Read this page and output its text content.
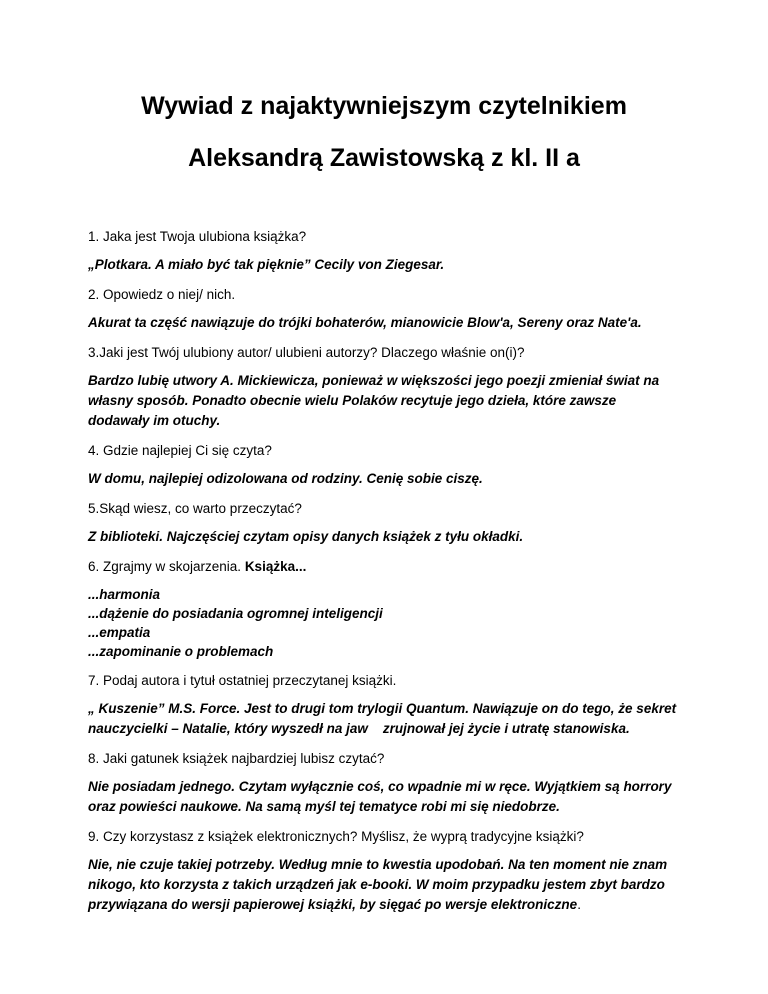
Wywiad z najaktywniejszym czytelnikiem
Aleksandrą Zawistowską z kl. II a

1. Jaka jest Twoja ulubiona książka?

„Plotkara. A miało być tak pięknie” Cecily von Ziegesar.

2. Opowiedz o niej/ nich.

Akurat ta część nawiązuje do trójki bohaterów, mianowicie Blow'a, Sereny oraz Nate'a.

3.Jaki jest Twój ulubiony autor/ ulubieni autorzy? Dlaczego właśnie on(i)?

Bardzo lubię utwory A. Mickiewicza, ponieważ w większości jego poezji zmieniał świat na własny sposób. Ponadto obecnie wielu Polaków recytuje jego dzieła, które zawsze dodawały im otuchy.

4. Gdzie najlepiej Ci się czyta?

W domu, najlepiej odizolowana od rodziny. Cenię sobie ciszę.

5.Skąd wiesz, co warto przeczytać?

Z biblioteki. Najczęściej czytam opisy danych książek z tyłu okładki.

6. Zgrajmy w skojarzenia. Książka...

...harmonia
...dążenie do posiadania ogromnej inteligencji
...empatia
...zapominanie o problemach

7. Podaj autora i tytuł ostatniej przeczytanej książki.

„ Kuszenie” M.S. Force. Jest to drugi tom trylogii Quantum. Nawiązuje on do tego, że sekret nauczycielki – Natalie, który wyszedł na jaw    zrujnował jej życie i utratę stanowiska.

8. Jaki gatunek książek najbardziej lubisz czytać?

Nie posiadam jednego. Czytam wyłącznie coś, co wpadnie mi w ręce. Wyjątkiem są horrory oraz powieści naukowe. Na samą myśl tej tematyce robi mi się niedobrze.

9. Czy korzystasz z książek elektronicznych? Myślisz, że wyprą tradycyjne książki?

Nie, nie czuje takiej potrzeby. Według mnie to kwestia upodobań. Na ten moment nie znam nikogo, kto korzysta z takich urządzeń jak e-booki. W moim przypadku jestem zbyt bardzo przywiązana do wersji papierowej książki, by sięgać po wersje elektroniczne.
